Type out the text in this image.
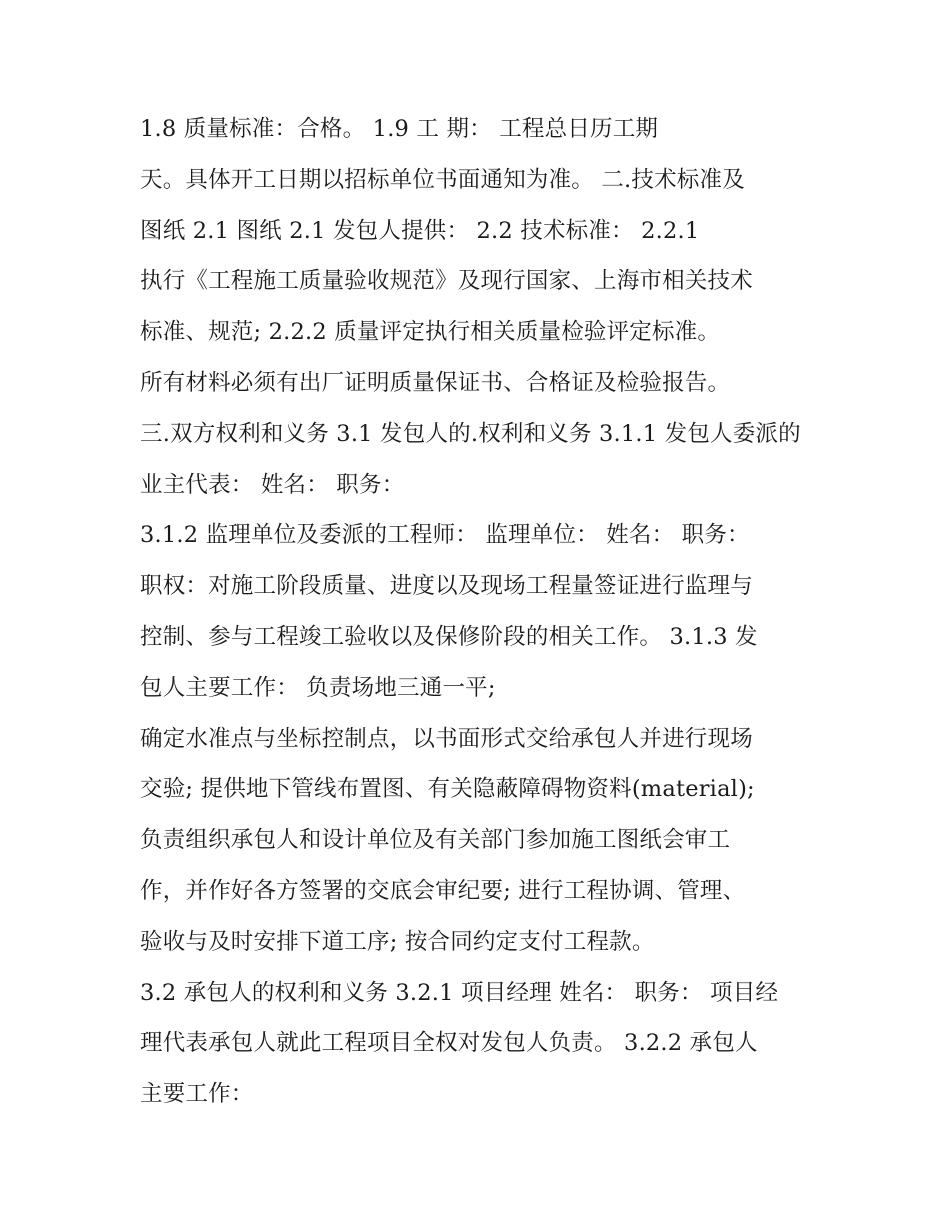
1.8 质量标准：合格。 1.9 工 期： 工程总日历工期
天。具体开工日期以招标单位书面通知为准。 二.技术标准及
图纸 2.1 图纸 2.1 发包人提供： 2.2 技术标准： 2.2.1
执行《工程施工质量验收规范》及现行国家、上海市相关技术
标准、规范; 2.2.2 质量评定执行相关质量检验评定标准。
所有材料必须有出厂证明质量保证书、合格证及检验报告。
三.双方权利和义务 3.1 发包人的.权利和义务 3.1.1 发包人委派的
业主代表： 姓名： 职务：
3.1.2 监理单位及委派的工程师： 监理单位： 姓名： 职务：
职权：对施工阶段质量、进度以及现场工程量签证进行监理与
控制、参与工程竣工验收以及保修阶段的相关工作。 3.1.3 发
包人主要工作： 负责场地三通一平;
确定水准点与坐标控制点，以书面形式交给承包人并进行现场
交验; 提供地下管线布置图、有关隐蔽障碍物资料(material);
负责组织承包人和设计单位及有关部门参加施工图纸会审工
作，并作好各方签署的交底会审纪要; 进行工程协调、管理、
验收与及时安排下道工序; 按合同约定支付工程款。
3.2 承包人的权利和义务 3.2.1 项目经理 姓名： 职务： 项目经
理代表承包人就此工程项目全权对发包人负责。 3.2.2 承包人
主要工作：
